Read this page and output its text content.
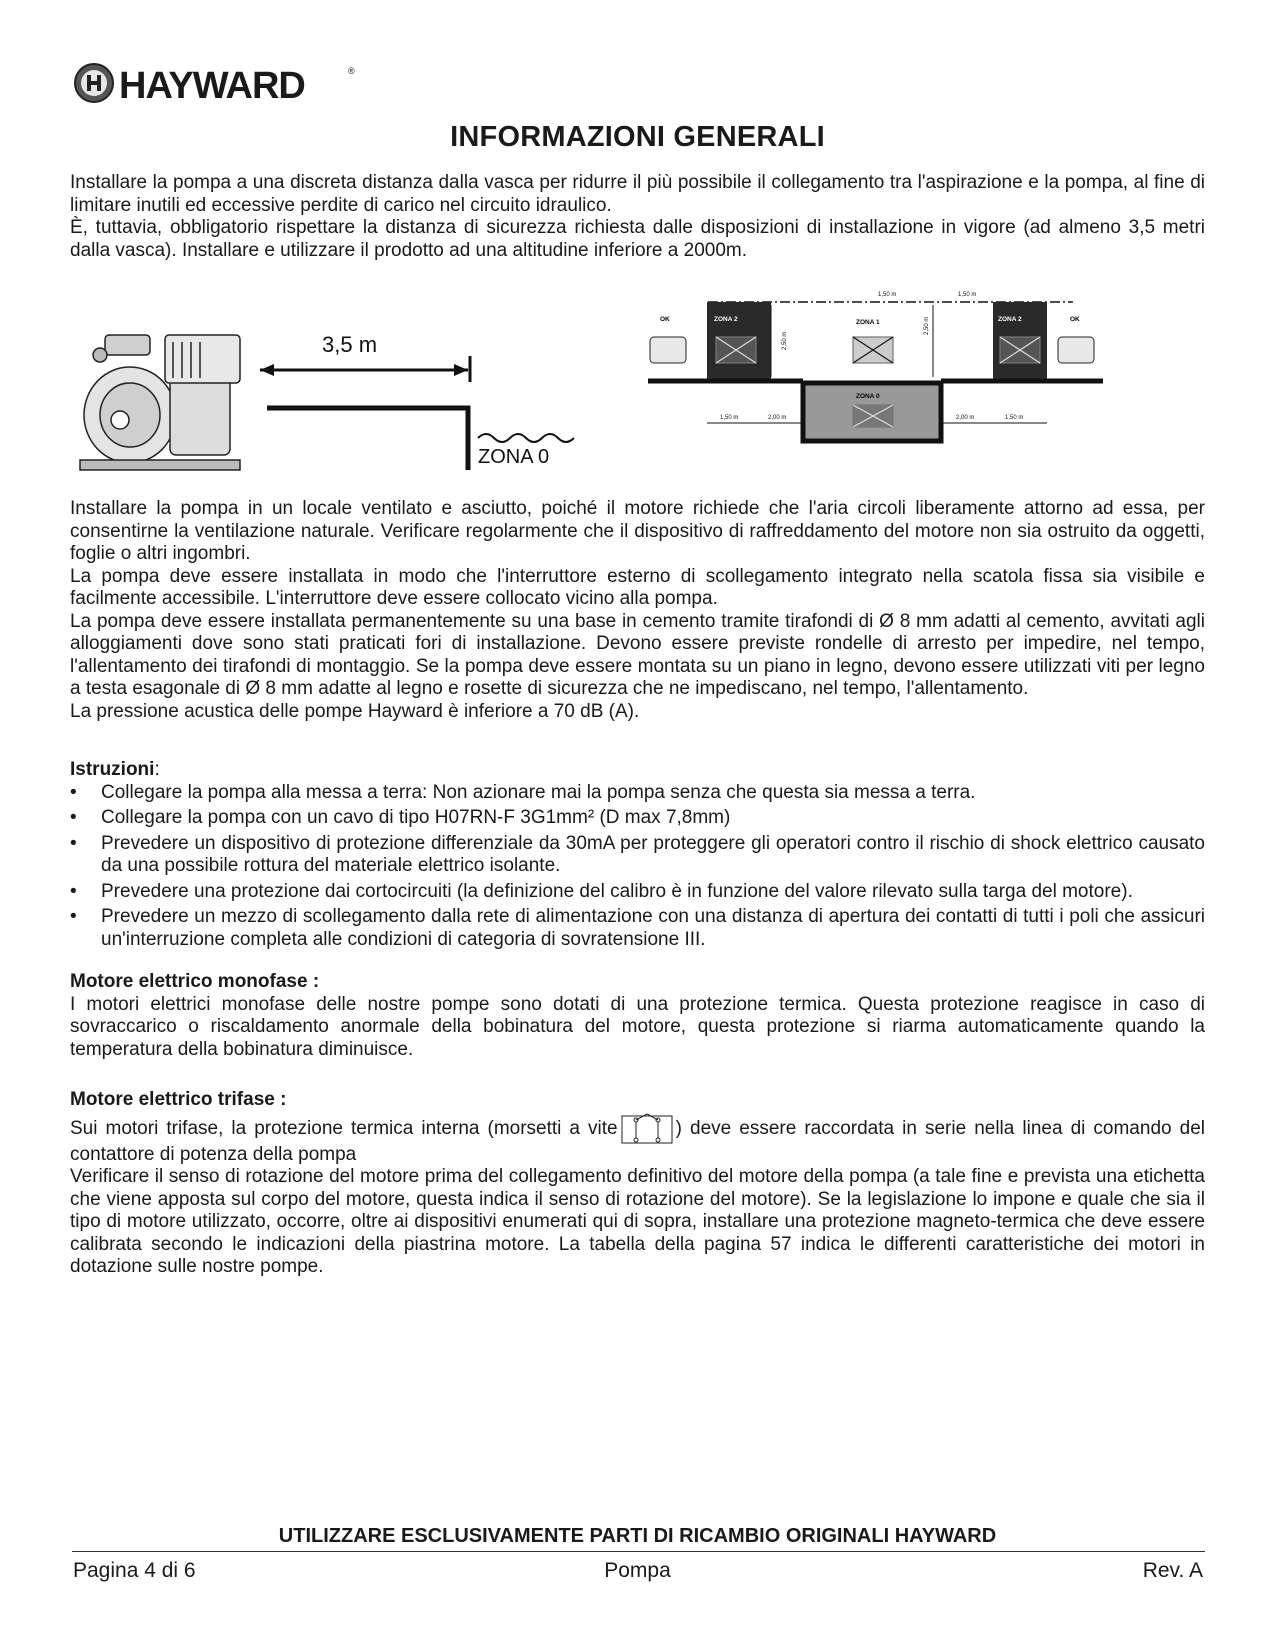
HAYWARD	®
INFORMAZIONI GENERALI

Installare la pompa a una discreta distanza dalla vasca per ridurre il più possibile il collegamento tra l'aspirazione e la pompa, al fine di limitare inutili ed eccessive perdite di carico nel circuito idraulico.

È, tuttavia, obbligatorio rispettare la distanza di sicurezza richiesta dalle disposizioni di installazione in vigore (ad almeno 3,5 metri dalla vasca). Installare e utilizzare il prodotto ad una altitudine inferiore a 2000m.

3,5 m
ZONA 0
OK	OK
ZONA 2	ZONA 2
ZONA 1
ZONA 0
1,50 m	1,50 m
2,50 m
2,50 m
1,50 m	2,00 m	2,00 m	1,50 m

Installare la pompa in un locale ventilato e asciutto, poiché il motore richiede che l'aria circoli liberamente attorno ad essa, per consentirne la ventilazione naturale. Verificare regolarmente che il dispositivo di raffreddamento del motore non sia ostruito da oggetti, foglie o altri ingombri.

La pompa deve essere installata in modo che l'interruttore esterno di scollegamento integrato nella scatola fissa sia visibile e facilmente accessibile. L'interruttore deve essere collocato vicino alla pompa.

La pompa deve essere installata permanentemente su una base in cemento tramite tirafondi di Ø 8 mm adatti al cemento, avvitati agli alloggiamenti dove sono stati praticati fori di installazione. Devono essere previste rondelle di arresto per impedire, nel tempo, l'allentamento dei tirafondi di montaggio. Se la pompa deve essere montata su un piano in legno, devono essere utilizzati viti per legno a testa esagonale di Ø 8 mm adatte al legno e rosette di sicurezza che ne impediscano, nel tempo, l'allentamento.

La pressione acustica delle pompe Hayward è inferiore a 70 dB (A).

Istruzioni:

• Collegare la pompa alla messa a terra: Non azionare mai la pompa senza che questa sia messa a terra.
• Collegare la pompa con un cavo di tipo H07RN-F 3G1mm² (D max 7,8mm)
• Prevedere un dispositivo di protezione differenziale da 30mA per proteggere gli operatori contro il rischio di shock elettrico causato da una possibile rottura del materiale elettrico isolante.
• Prevedere una protezione dai cortocircuiti (la definizione del calibro è in funzione del valore rilevato sulla targa del motore).
• Prevedere un mezzo di scollegamento dalla rete di alimentazione con una distanza di apertura dei contatti di tutti i poli che assicuri un'interruzione completa alle condizioni di categoria di sovratensione III.

Motore elettrico monofase :

I motori elettrici monofase delle nostre pompe sono dotati di una protezione termica. Questa protezione reagisce in caso di sovraccarico o riscaldamento anormale della bobinatura del motore, questa protezione si riarma automaticamente quando la temperatura della bobinatura diminuisce.

Motore elettrico trifase :

Sui motori trifase, la protezione termica interna (morsetti a vite	) deve essere raccordata in serie nella linea di comando del contattore di potenza della pompa

Verificare il senso di rotazione del motore prima del collegamento definitivo del motore della pompa (a tale fine e prevista una etichetta che viene apposta sul corpo del motore, questa indica il senso di rotazione del motore). Se la legislazione lo impone e quale che sia il tipo di motore utilizzato, occorre, oltre ai dispositivi enumerati qui di sopra, installare una protezione magneto-termica che deve essere calibrata secondo le indicazioni della piastrina motore. La tabella della pagina 57 indica le differenti caratteristiche dei motori in dotazione sulle nostre pompe.

UTILIZZARE ESCLUSIVAMENTE PARTI DI RICAMBIO ORIGINALI HAYWARD
Pagina 4 di 6	Pompa	Rev. A
